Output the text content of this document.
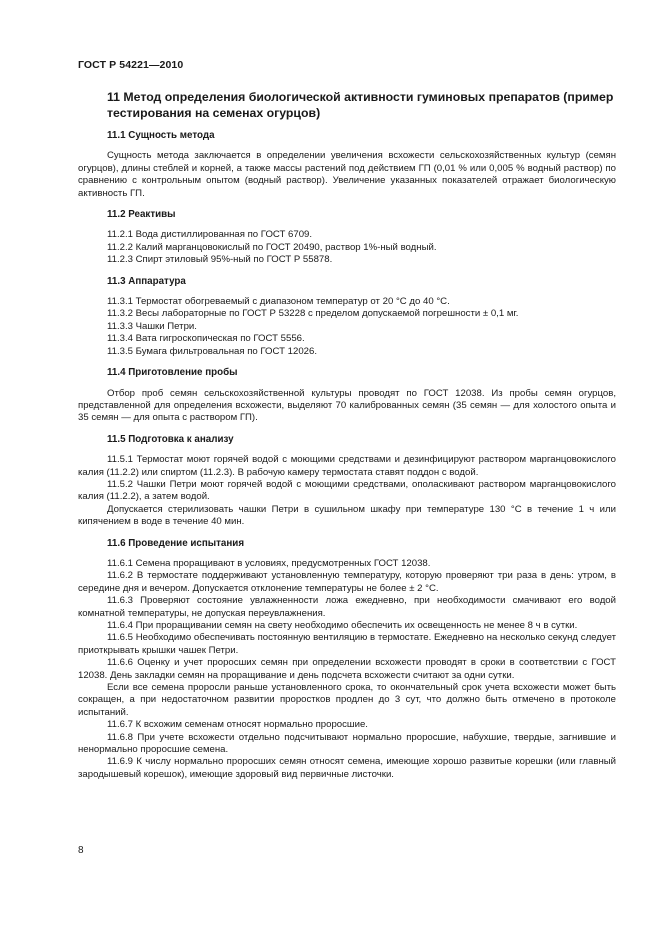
ГОСТ Р 54221—2010
11 Метод определения биологической активности гуминовых препаратов (пример тестирования на семенах огурцов)
11.1 Сущность метода

Сущность метода заключается в определении увеличения всхожести сельскохозяйственных культур (семян огурцов), длины стеблей и корней, а также массы растений под действием ГП (0,01 % или 0,005 % водный раствор) по сравнению с контрольным опытом (водный раствор). Увеличение указанных показателей отражает биологическую активность ГП.

11.2 Реактивы

11.2.1 Вода дистиллированная по ГОСТ 6709.

11.2.2 Калий марганцовокислый по ГОСТ 20490, раствор 1%-ный водный.

11.2.3 Спирт этиловый 95%-ный по ГОСТ Р 55878.

11.3 Аппаратура

11.3.1 Термостат обогреваемый с диапазоном температур от 20 °С до 40 °С.

11.3.2 Весы лабораторные по ГОСТ Р 53228 с пределом допускаемой погрешности ± 0,1 мг.

11.3.3 Чашки Петри.

11.3.4 Вата гигроскопическая по ГОСТ 5556.

11.3.5 Бумага фильтровальная по ГОСТ 12026.

11.4 Приготовление пробы

Отбор проб семян сельскохозяйственной культуры проводят по ГОСТ 12038. Из пробы семян огурцов, представленной для определения всхожести, выделяют 70 калиброванных семян (35 семян — для холостого опыта и 35 семян — для опыта с раствором ГП).

11.5 Подготовка к анализу

11.5.1 Термостат моют горячей водой с моющими средствами и дезинфицируют раствором марганцовокислого калия (11.2.2) или спиртом (11.2.3). В рабочую камеру термостата ставят поддон с водой.

11.5.2 Чашки Петри моют горячей водой с моющими средствами, ополаскивают раствором марганцовокислого калия (11.2.2), а затем водой.

Допускается стерилизовать чашки Петри в сушильном шкафу при температуре 130 °С в течение 1 ч или кипячением в воде в течение 40 мин.

11.6 Проведение испытания

11.6.1 Семена проращивают в условиях, предусмотренных ГОСТ 12038.

11.6.2 В термостате поддерживают установленную температуру, которую проверяют три раза в день: утром, в середине дня и вечером. Допускается отклонение температуры не более ± 2 °С.

11.6.3 Проверяют состояние увлажненности ложа ежедневно, при необходимости смачивают его водой комнатной температуры, не допуская переувлажнения.

11.6.4 При проращивании семян на свету необходимо обеспечить их освещенность не менее 8 ч в сутки.

11.6.5 Необходимо обеспечивать постоянную вентиляцию в термостате. Ежедневно на несколько секунд следует приоткрывать крышки чашек Петри.

11.6.6 Оценку и учет проросших семян при определении всхожести проводят в сроки в соответствии с ГОСТ 12038. День закладки семян на проращивание и день подсчета всхожести считают за одни сутки.

Если все семена проросли раньше установленного срока, то окончательный срок учета всхожести может быть сокращен, а при недостаточном развитии проростков продлен до 3 сут, что должно быть отмечено в протоколе испытаний.

11.6.7 К всхожим семенам относят нормально проросшие.

11.6.8 При учете всхожести отдельно подсчитывают нормально проросшие, набухшие, твердые, загнившие и ненормально проросшие семена.

11.6.9 К числу нормально проросших семян относят семена, имеющие хорошо развитые корешки (или главный зародышевый корешок), имеющие здоровый вид первичные листочки.

8
